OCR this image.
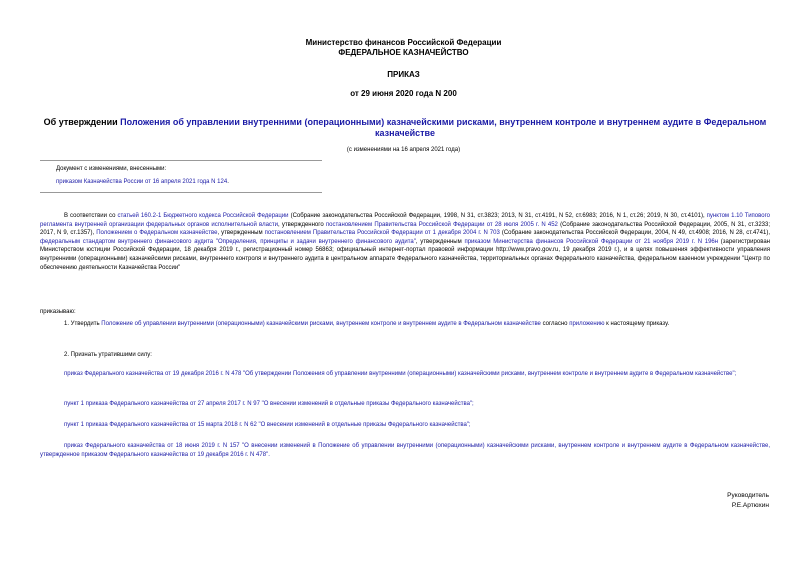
Министерство финансов Российской Федерации
ФЕДЕРАЛЬНОЕ КАЗНАЧЕЙСТВО
ПРИКАЗ
от 29 июня 2020 года N 200
Об утверждении Положения об управлении внутренними (операционными) казначейскими рисками, внутреннем контроле и внутреннем аудите в Федеральном казначействе
(с изменениями на 16 апреля 2021 года)
Документ с изменениями, внесенными:
приказом Казначейства России от 16 апреля 2021 года N 124.
В соответствии со статьей 160.2-1 Бюджетного кодекса Российской Федерации (Собрание законодательства Российской Федерации, 1998, N 31, ст.3823; 2013, N 31, ст.4191, N 52, ст.6983; 2016, N 1, ст.26; 2019, N 30, ст.4101), пунктом 1.10 Типового регламента внутренней организации федеральных органов исполнительной власти, утвержденного постановлением Правительства Российской Федерации от 28 июля 2005 г. N 452 (Собрание законодательства Российской Федерации, 2005, N 31, ст.3233; 2017, N 9, ст.1357), Положением о Федеральном казначействе, утвержденным постановлением Правительства Российской Федерации от 1 декабря 2004 г. N 703 (Собрание законодательства Российской Федерации, 2004, N 49, ст.4908; 2016, N 28, ст.4741), федеральным стандартом внутреннего финансового аудита "Определения, принципы и задачи внутреннего финансового аудита", утвержденным приказом Министерства финансов Российской Федерации от 21 ноября 2019 г. N 196н (зарегистрирован Министерством юстиции Российской Федерации, 18 декабря 2019 г., регистрационный номер 56863; официальный интернет-портал правовой информации http://www.pravo.gov.ru, 19 декабря 2019 г.), и в целях повышения эффективности управления внутренними (операционными) казначейскими рисками, внутреннего контроля и внутреннего аудита в центральном аппарате Федерального казначейства, территориальных органах Федерального казначейства, федеральном казенном учреждении "Центр по обеспечению деятельности Казначейства России"
приказываю:
1. Утвердить Положение об управлении внутренними (операционными) казначейскими рисками, внутреннем контроле и внутреннем аудите в Федеральном казначействе согласно приложению к настоящему приказу.
2. Признать утратившими силу:
приказ Федерального казначейства от 19 декабря 2016 г. N 478 "Об утверждении Положения об управлении внутренними (операционными) казначейскими рисками, внутреннем контроле и внутреннем аудите в Федеральном казначействе";
пункт 1 приказа Федерального казначейства от 27 апреля 2017 г. N 97 "О внесении изменений в отдельные приказы Федерального казначейства";
пункт 1 приказа Федерального казначейства от 15 марта 2018 г. N 62 "О внесении изменений в отдельные приказы Федерального казначейства";
приказ Федерального казначейства от 18 июня 2019 г. N 157 "О внесении изменений в Положение об управлении внутренними (операционными) казначейскими рисками, внутреннем контроле и внутреннем аудите в Федеральном казначействе, утвержденное приказом Федерального казначейства от 19 декабря 2016 г. N 478".
Руководитель
Р.Е.Артюхин
